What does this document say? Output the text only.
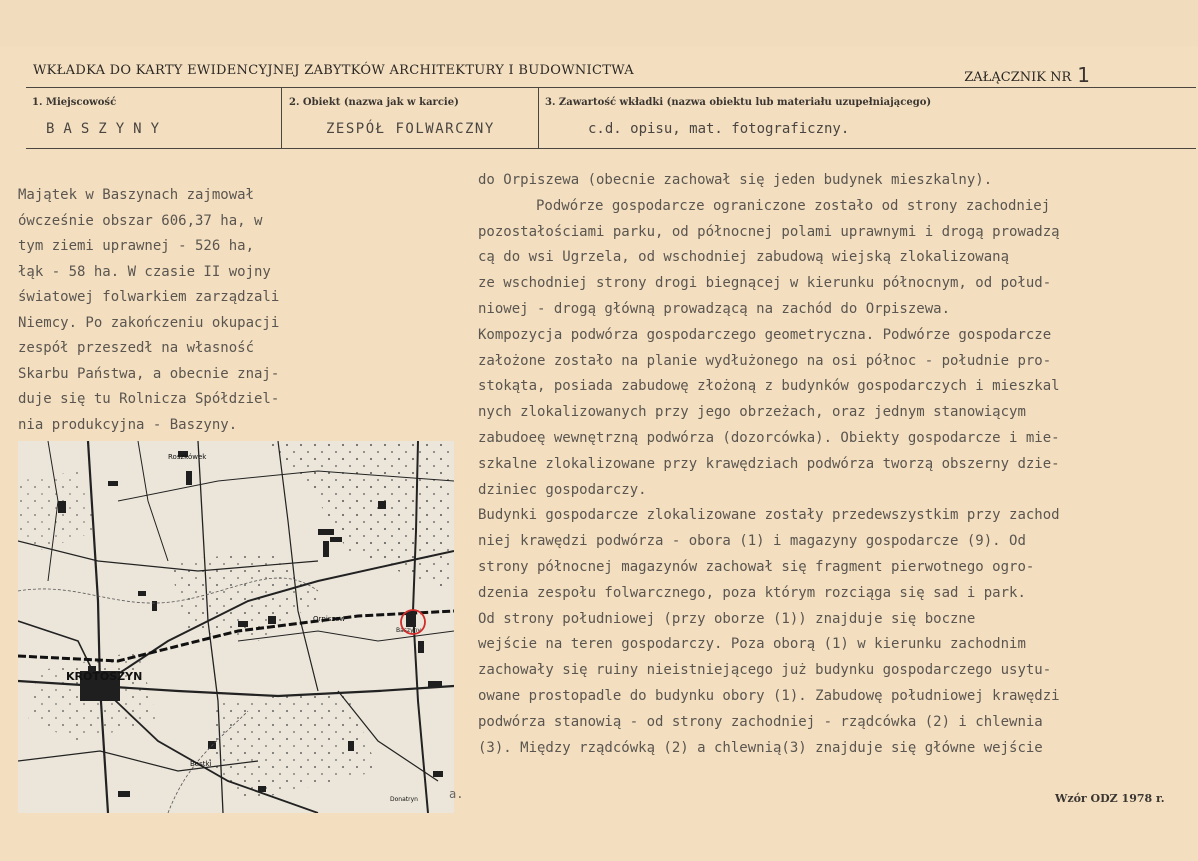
WKŁADKA DO KARTY EWIDENCYJNEJ ZABYTKÓW ARCHITEKTURY I BUDOWNICTWA	ZAŁĄCZNIK NR 1
1. Miejscowość
BASZYNY
2. Obiekt (nazwa jak w karcie)
ZESPÓŁ FOLWARCZNY
3. Zawartość wkładki (nazwa obiektu lub materiału uzupełniającego)
c.d. opisu, mat. fotograficzny.
Majątek w Baszynach zajmował
ówcześnie obszar 606,37 ha, w
tym ziemi uprawnej - 526 ha,
łąk - 58 ha. W czasie II wojny
światowej folwarkiem zarządzali
Niemcy. Po zakończeniu okupacji
zespół przeszedł na własność
Skarbu Państwa, a obecnie znaj-
duje się tu Rolnicza Spółdziel-
nia produkcyjna - Baszyny.
do Orpiszewa (obecnie zachował się jeden budynek mieszkalny).
Podwórze gospodarcze ograniczone zostało od strony zachodniej
pozostałościami parku, od północnej polami uprawnymi i drogą prowadzą
cą do wsi Ugrzela, od wschodniej zabudową wiejską zlokalizowaną
ze wschodniej strony drogi biegnącej w kierunku północnym, od połud-
niowej - drogą główną prowadzącą na zachód do Orpiszewa.
Kompozycja podwórza gospodarczego geometryczna. Podwórze gospodarcze
założone zostało na planie wydłużonego na osi północ - południe pro-
stokąta, posiada zabudowę złożoną z budynków gospodarczych i mieszkal
nych zlokalizowanych przy jego obrzeżach, oraz jednym stanowiącym
zabudoeę wewnętrzną podwórza (dozorcówka). Obiekty gospodarcze i mie-
szkalne zlokalizowane przy krawędziach podwórza tworzą obszerny dzie-
dziniec gospodarczy.
Budynki gospodarcze zlokalizowane zostały przedewszystkim przy zachod
niej krawędzi podwórza - obora (1) i magazyny gospodarcze (9). Od
strony północnej magazynów zachował się fragment pierwotnego ogro-
dzenia zespołu folwarcznego, poza którym rozciąga się sad i park.
Od strony południowej (przy oborze (1)) znajduje się boczne
wejście na teren gospodarczy. Poza oborą (1) w kierunku zachodnim
zachowały się ruiny nieistniejącego już budynku gospodarczego usytu-
owane prostopadle do budynku obory (1). Zabudowę południowej krawędzi
podwórza stanowią - od strony zachodniej - rządcówka (2) i chlewnia
(3). Między rządcówką (2) a chlewnią(3) znajduje się główne wejście
Roszkówek
KROTOSZYN
Orpiszew
Baszyny
Bestki
Donatryn	a.	Wzór ODZ 1978 r.
